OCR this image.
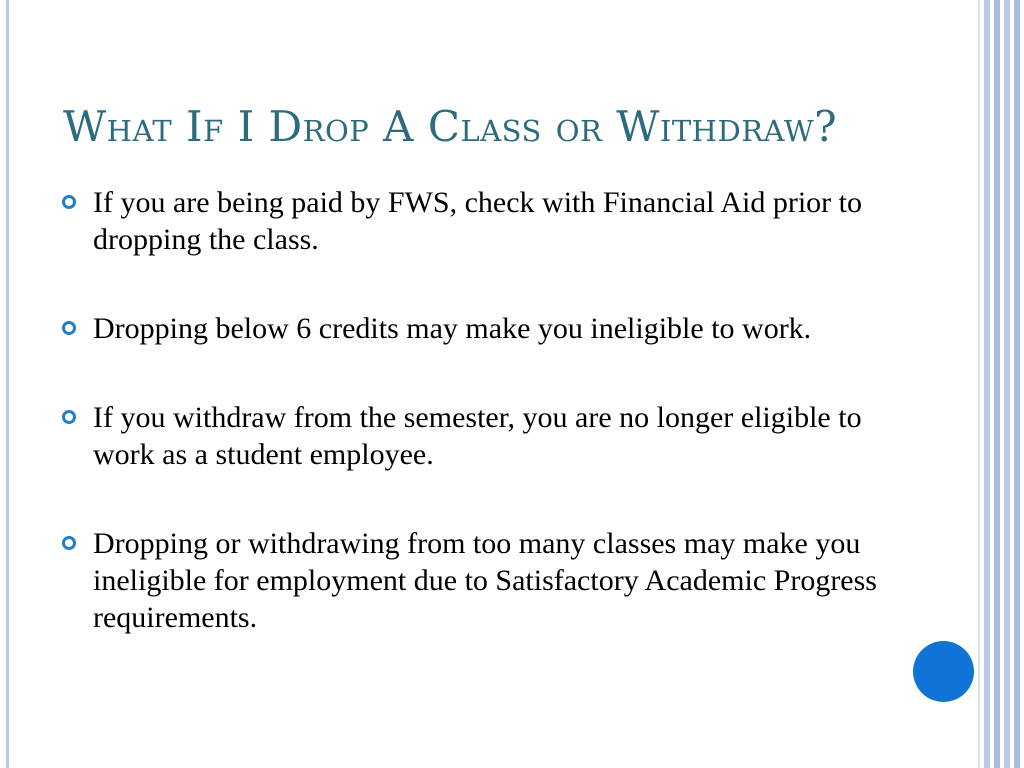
What If I Drop A Class or Withdraw?
If you are being paid by FWS, check with Financial Aid prior to dropping the class.
Dropping below 6 credits may make you ineligible to work.
If you withdraw from the semester, you are no longer eligible to work as a student employee.
Dropping or withdrawing from too many classes may make you ineligible for employment due to Satisfactory Academic Progress requirements.
